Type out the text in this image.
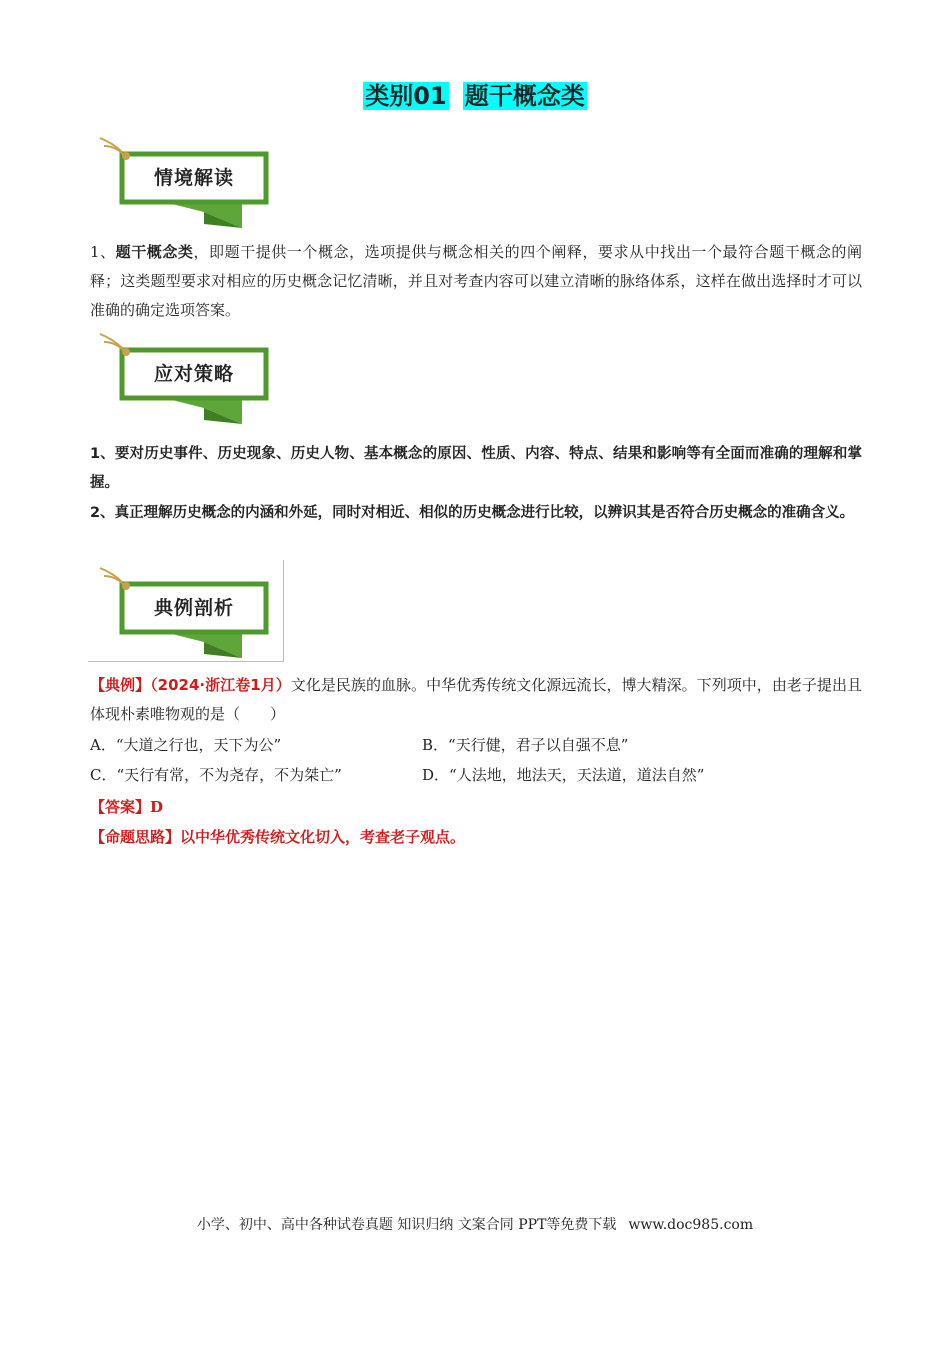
类别01 题干概念类
情境解读

1、题干概念类，即题干提供一个概念，选项提供与概念相关的四个阐释，要求从中找出一个最符合题干概念的阐释；这类题型要求对相应的历史概念记忆清晰，并且对考查内容可以建立清晰的脉络体系，这样在做出选择时才可以准确的确定选项答案。

应对策略

1、要对历史事件、历史现象、历史人物、基本概念的原因、性质、内容、特点、结果和影响等有全面而准确的理解和掌握。

2、真正理解历史概念的内涵和外延，同时对相近、相似的历史概念进行比较，以辨识其是否符合历史概念的准确含义。

典例剖析

【典例】（2024·浙江卷1月）文化是民族的血脉。中华优秀传统文化源远流长，博大精深。下列项中，由老子提出且体现朴素唯物观的是（　　）

A．“大道之行也，天下为公”	B．“天行健，君子以自强不息”
C．“天行有常，不为尧存，不为桀亡”	D．“人法地，地法天，天法道，道法自然”
【答案】D
【命题思路】以中华优秀传统文化切入，考查老子观点。
小学、初中、高中各种试卷真题 知识归纳 文案合同 PPT等免费下载 www.doc985.com
